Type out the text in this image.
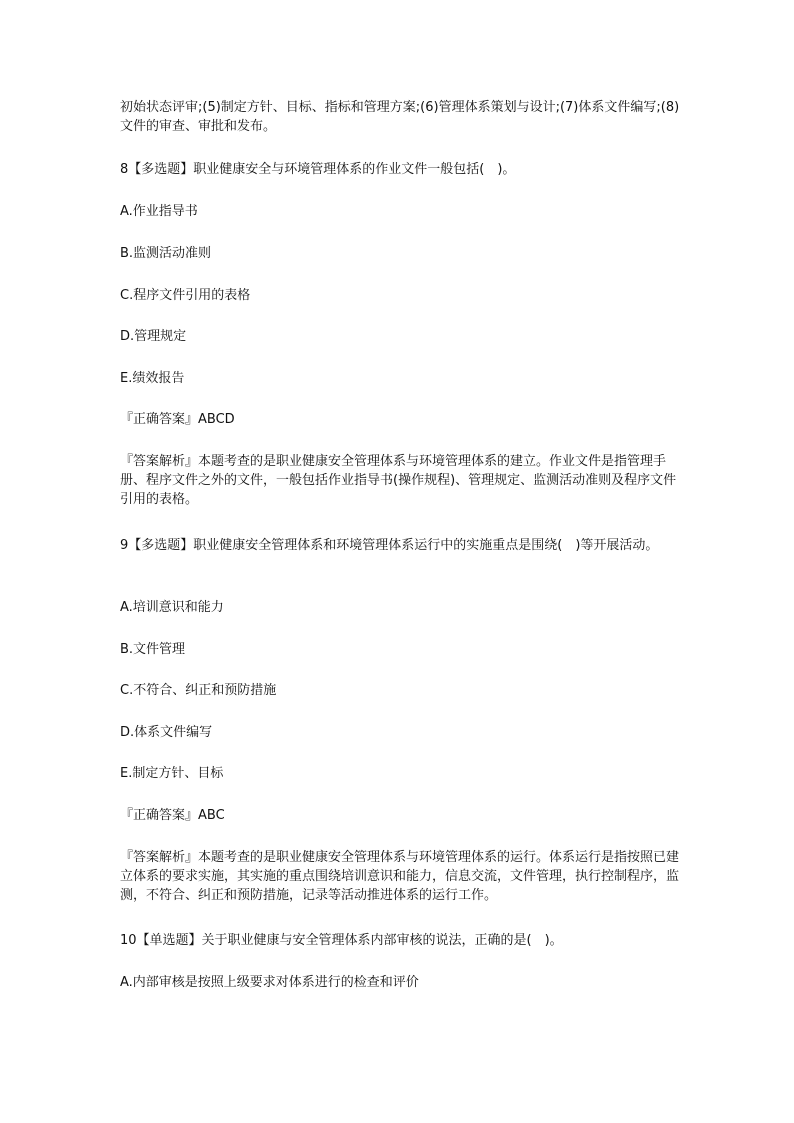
初始状态评审;(5)制定方针、目标、指标和管理方案;(6)管理体系策划与设计;(7)体系文件编写;(8)文件的审查、审批和发布。

8【多选题】职业健康安全与环境管理体系的作业文件一般包括(　)。

A.作业指导书

B.监测活动准则

C.程序文件引用的表格

D.管理规定

E.绩效报告

『正确答案』ABCD

『答案解析』本题考查的是职业健康安全管理体系与环境管理体系的建立。作业文件是指管理手册、程序文件之外的文件，一般包括作业指导书(操作规程)、管理规定、监测活动准则及程序文件引用的表格。

9【多选题】职业健康安全管理体系和环境管理体系运行中的实施重点是围绕(　)等开展活动。

A.培训意识和能力

B.文件管理

C.不符合、纠正和预防措施

D.体系文件编写

E.制定方针、目标

『正确答案』ABC

『答案解析』本题考查的是职业健康安全管理体系与环境管理体系的运行。体系运行是指按照已建立体系的要求实施，其实施的重点围绕培训意识和能力，信息交流，文件管理，执行控制程序，监测，不符合、纠正和预防措施，记录等活动推进体系的运行工作。

10【单选题】关于职业健康与安全管理体系内部审核的说法，正确的是(　)。

A.内部审核是按照上级要求对体系进行的检查和评价
